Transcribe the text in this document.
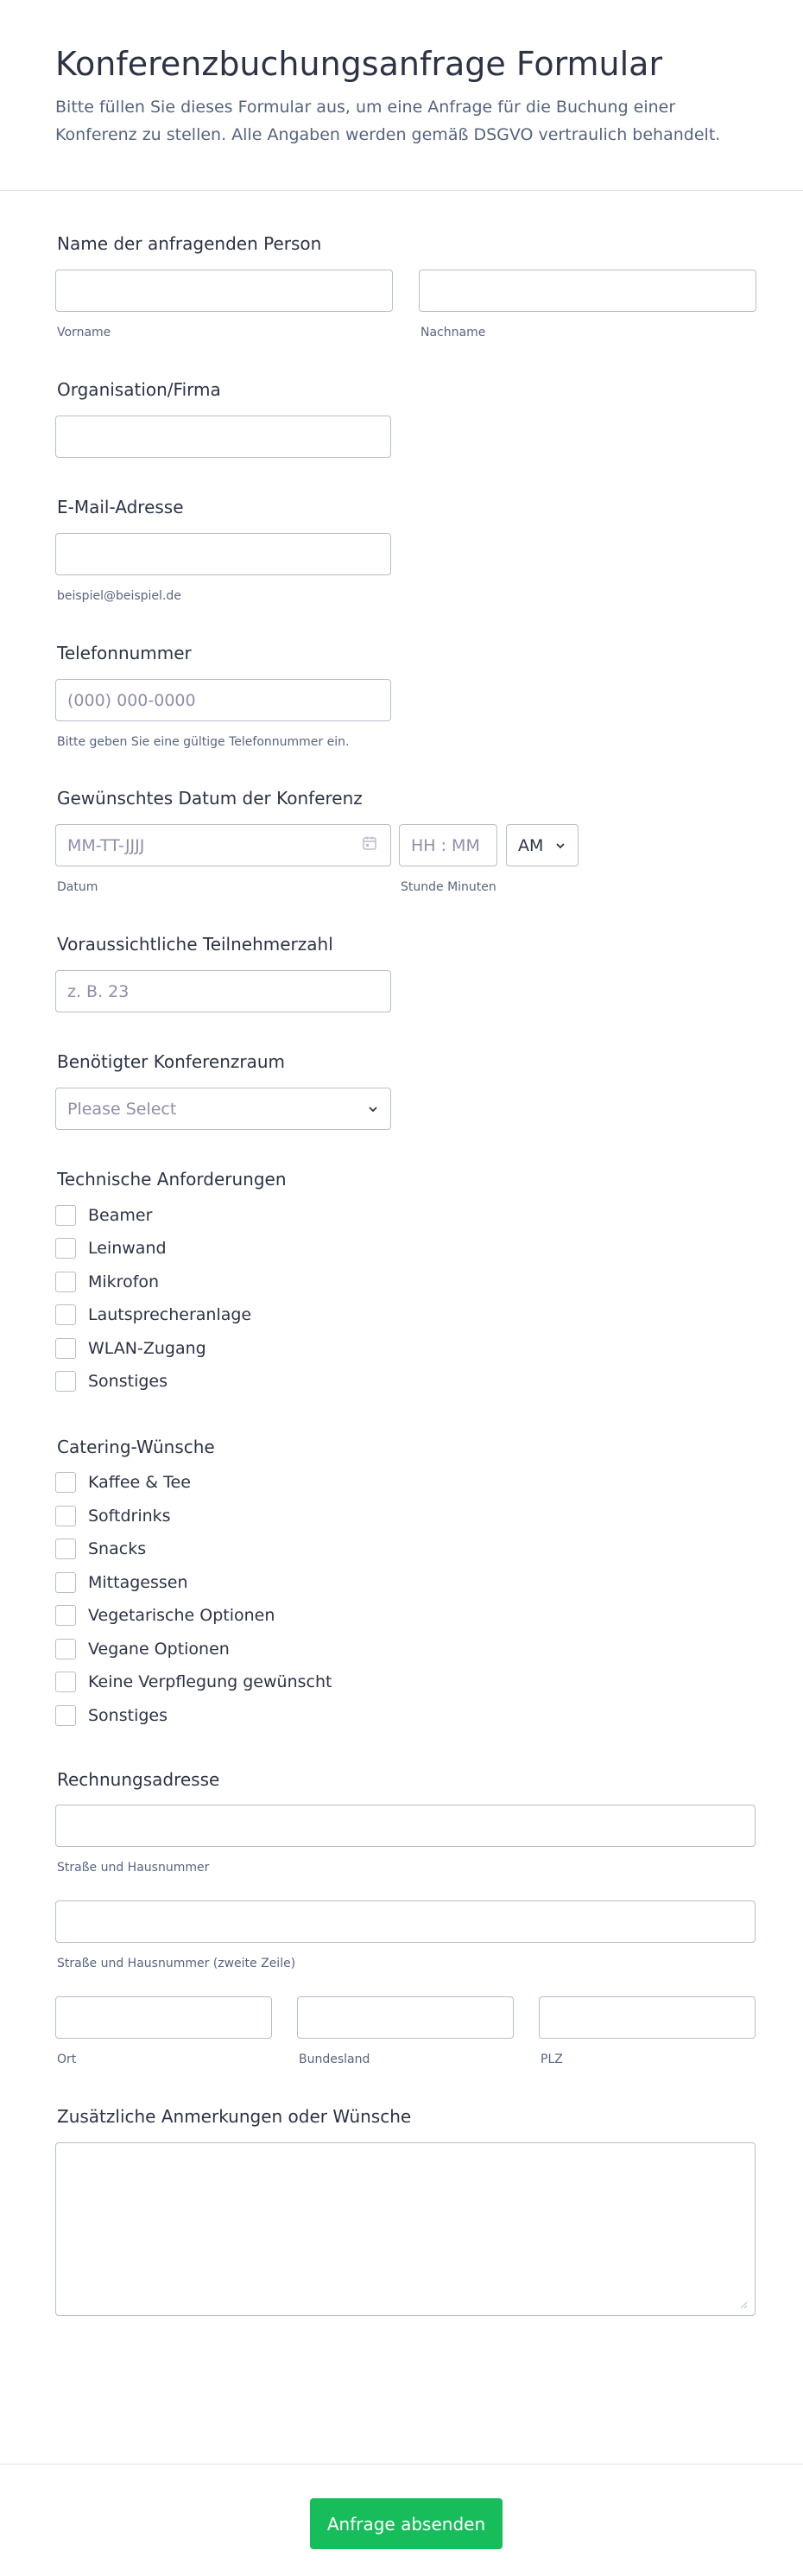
Konferenzbuchungsanfrage Formular

Bitte füllen Sie dieses Formular aus, um eine Anfrage für die Buchung einer Konferenz zu stellen. Alle Angaben werden gemäß DSGVO vertraulich behandelt.

Name der anfragenden Person
Vorname	Nachname
Organisation/Firma
E-Mail-Adresse
beispiel@beispiel.de
Telefonnummer
(000) 000-0000
Bitte geben Sie eine gültige Telefonnummer ein.
Gewünschtes Datum der Konferenz
MM-TT-JJJJ
HH : MM
AM
Datum	Stunde Minuten
Voraussichtliche Teilnehmerzahl
z. B. 23
Benötigter Konferenzraum
Please Select
Technische Anforderungen
Beamer
Leinwand
Mikrofon
Lautsprecheranlage
WLAN-Zugang
Sonstiges
Catering-Wünsche
Kaffee & Tee
Softdrinks
Snacks
Mittagessen
Vegetarische Optionen
Vegane Optionen
Keine Verpflegung gewünscht
Sonstiges
Rechnungsadresse
Straße und Hausnummer
Straße und Hausnummer (zweite Zeile)
Ort	Bundesland	PLZ
Zusätzliche Anmerkungen oder Wünsche
Anfrage absenden
